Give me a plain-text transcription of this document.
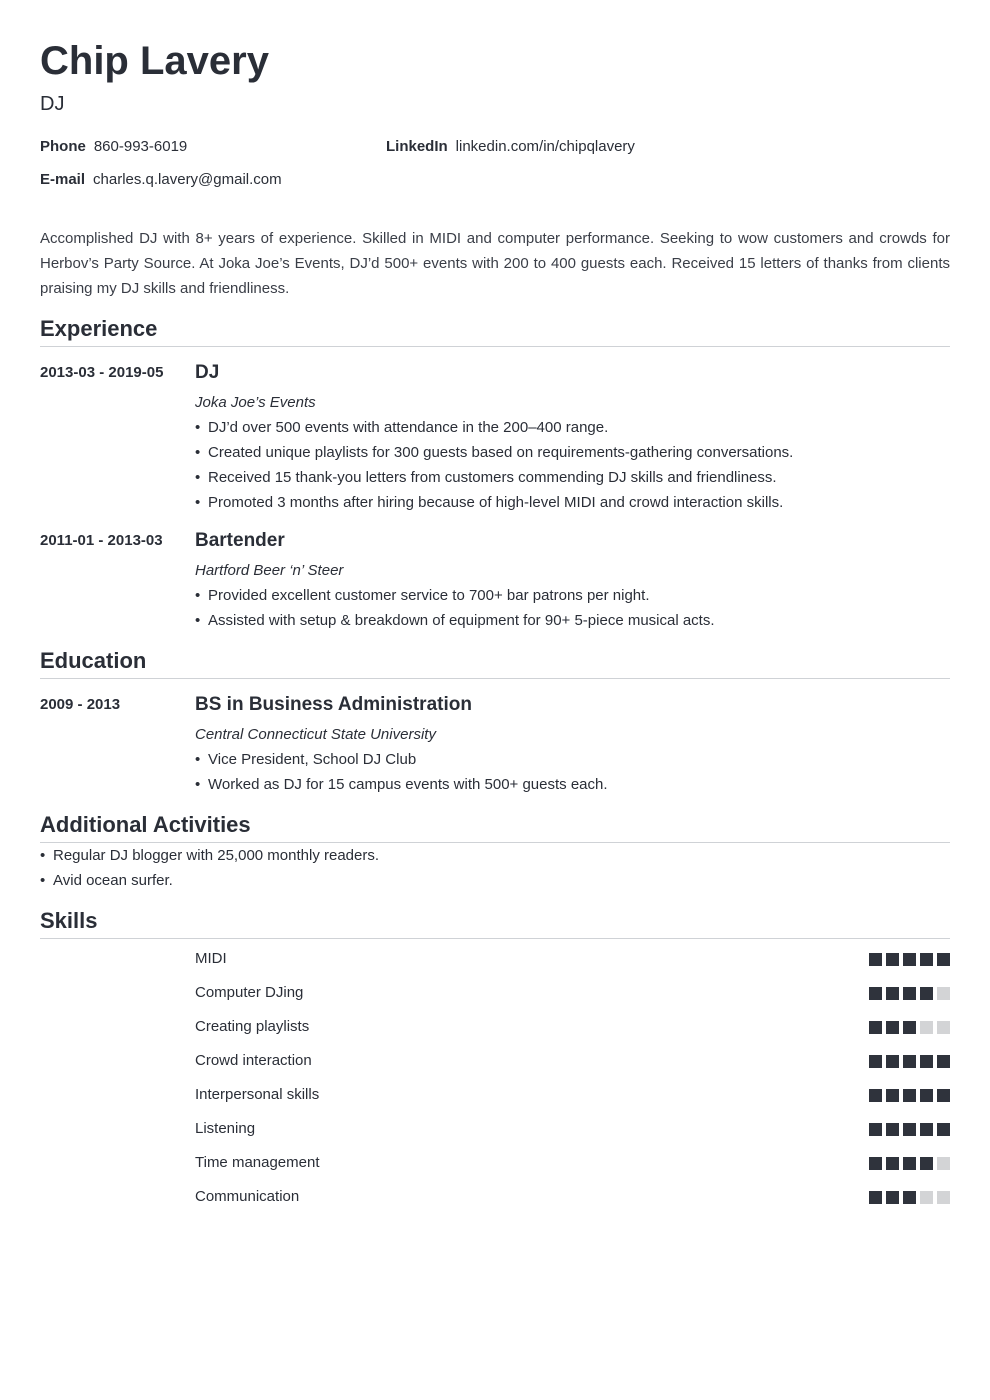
Chip Lavery
DJ
Phone 860-993-6019	LinkedIn linkedin.com/in/chipqlavery
E-mail charles.q.lavery@gmail.com
Accomplished DJ with 8+ years of experience. Skilled in MIDI and computer performance. Seeking to wow customers and crowds for Herbov’s Party Source. At Joka Joe’s Events, DJ’d 500+ events with 200 to 400 guests each. Received 15 letters of thanks from clients praising my DJ skills and friendliness.
Experience
2013-03 - 2019-05 DJ
Joka Joe’s Events
• DJ’d over 500 events with attendance in the 200–400 range.
• Created unique playlists for 300 guests based on requirements-gathering conversations.
• Received 15 thank-you letters from customers commending DJ skills and friendliness.
• Promoted 3 months after hiring because of high-level MIDI and crowd interaction skills.
2011-01 - 2013-03 Bartender
Hartford Beer ‘n’ Steer
• Provided excellent customer service to 700+ bar patrons per night.
• Assisted with setup & breakdown of equipment for 90+ 5-piece musical acts.
Education
2009 - 2013	BS in Business Administration
Central Connecticut State University
• Vice President, School DJ Club
• Worked as DJ for 15 campus events with 500+ guests each.
Additional Activities
• Regular DJ blogger with 25,000 monthly readers.
• Avid ocean surfer.
Skills
MIDI
Computer DJing
Creating playlists
Crowd interaction
Interpersonal skills
Listening
Time management
Communication
